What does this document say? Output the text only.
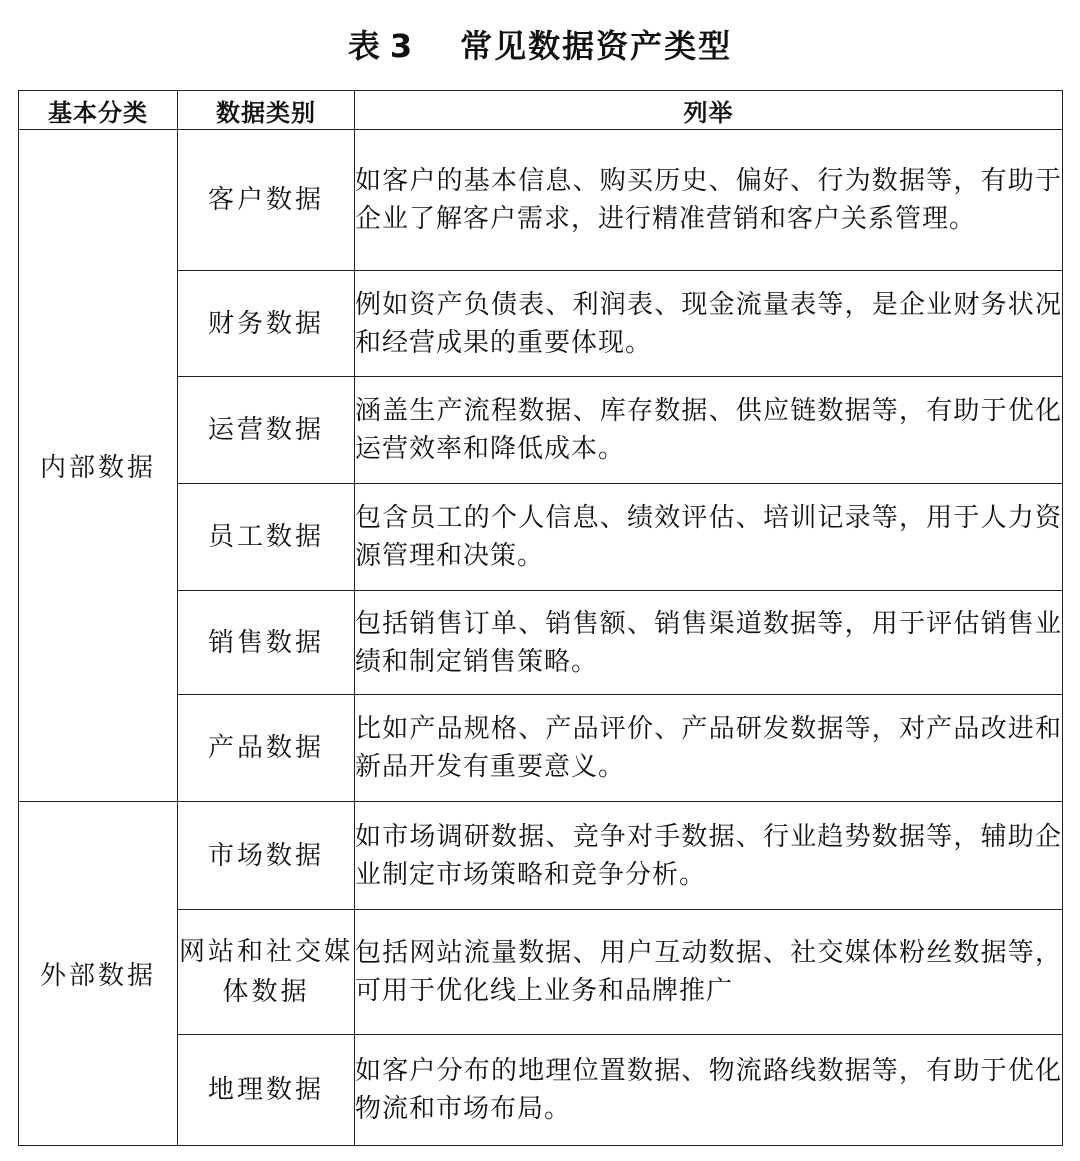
表 3 常见数据资产类型
基本分类	数据类别	列举
内部数据	客户数据	如客户的基本信息、购买历史、偏好、行为数据等，有助于企业了解客户需求，进行精准营销和客户关系管理。
	财务数据	例如资产负债表、利润表、现金流量表等，是企业财务状况和经营成果的重要体现。
	运营数据	涵盖生产流程数据、库存数据、供应链数据等，有助于优化运营效率和降低成本。
	员工数据	包含员工的个人信息、绩效评估、培训记录等，用于人力资源管理和决策。
	销售数据	包括销售订单、销售额、销售渠道数据等，用于评估销售业绩和制定销售策略。
	产品数据	比如产品规格、产品评价、产品研发数据等，对产品改进和新品开发有重要意义。
外部数据	市场数据	如市场调研数据、竞争对手数据、行业趋势数据等，辅助企业制定市场策略和竞争分析。
	网站和社交媒体数据	包括网站流量数据、用户互动数据、社交媒体粉丝数据等，可用于优化线上业务和品牌推广
	地理数据	如客户分布的地理位置数据、物流路线数据等，有助于优化物流和市场布局。
